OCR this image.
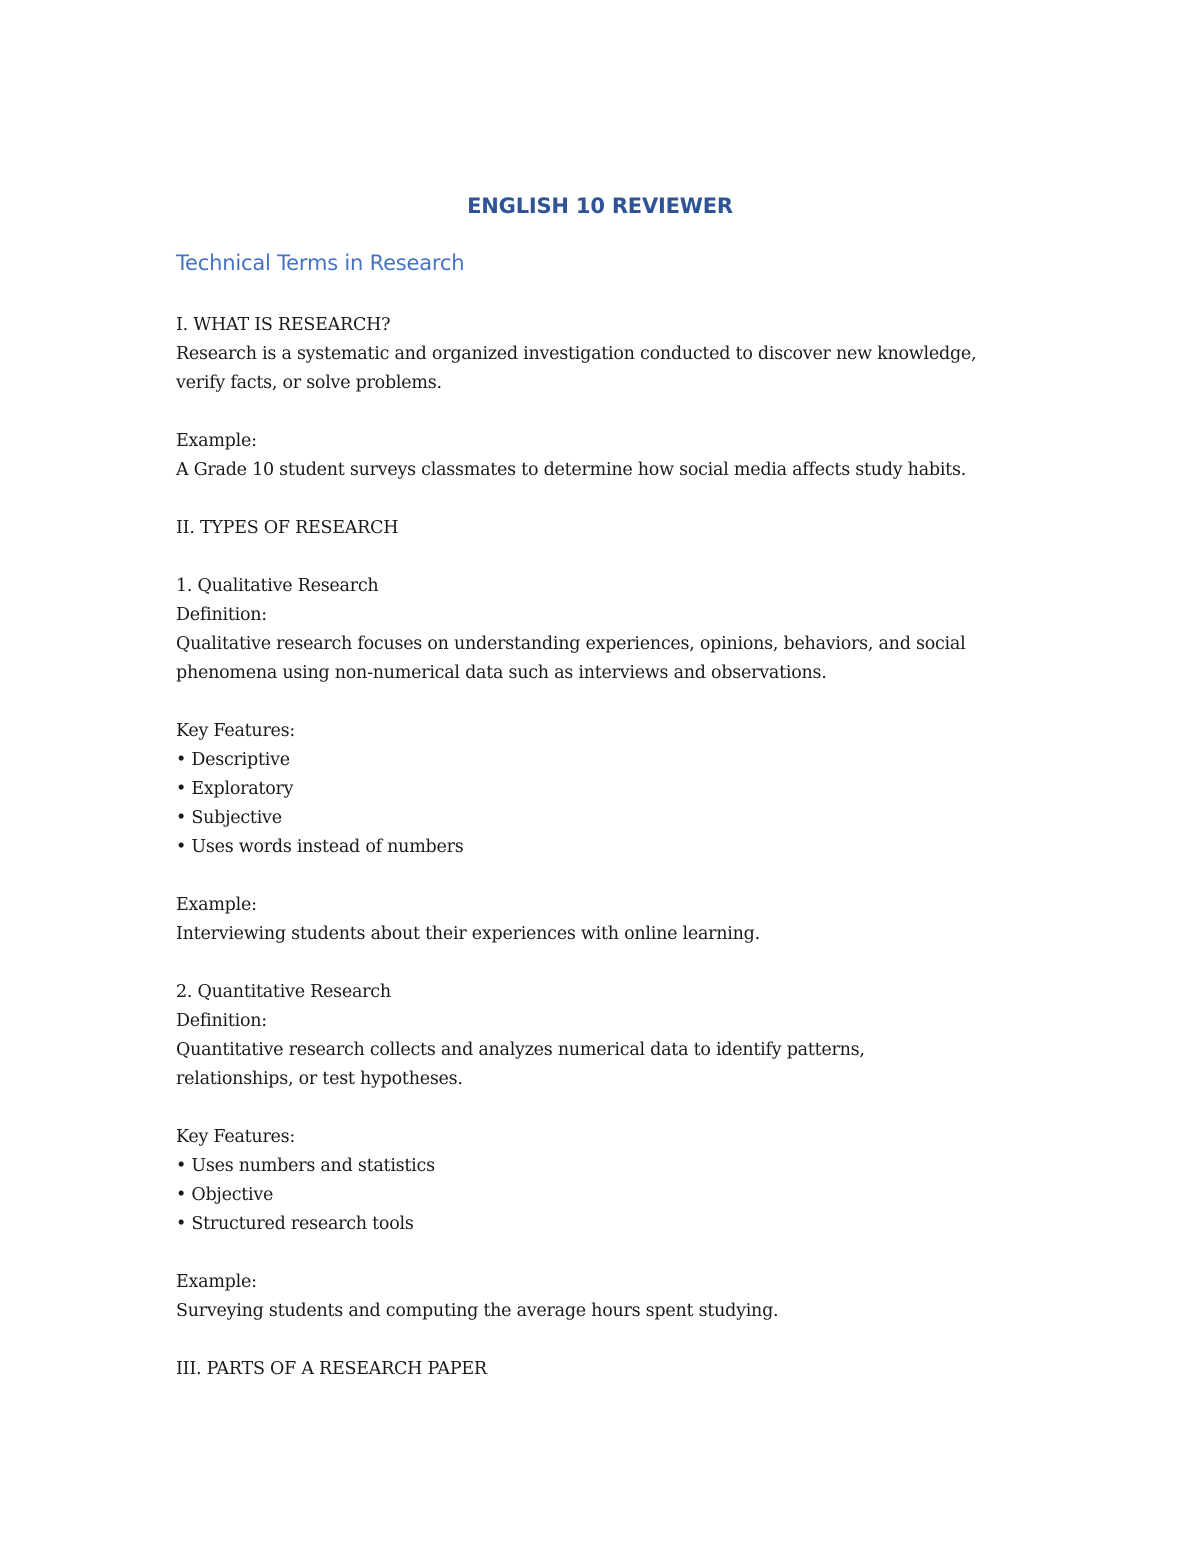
ENGLISH 10 REVIEWER
Technical Terms in Research
I. WHAT IS RESEARCH?
Research is a systematic and organized investigation conducted to discover new knowledge,
verify facts, or solve problems.
Example:
A Grade 10 student surveys classmates to determine how social media affects study habits.
II. TYPES OF RESEARCH
1. Qualitative Research
Definition:
Qualitative research focuses on understanding experiences, opinions, behaviors, and social
phenomena using non-numerical data such as interviews and observations.
Key Features:
• Descriptive
• Exploratory
• Subjective
• Uses words instead of numbers
Example:
Interviewing students about their experiences with online learning.
2. Quantitative Research
Definition:
Quantitative research collects and analyzes numerical data to identify patterns,
relationships, or test hypotheses.
Key Features:
• Uses numbers and statistics
• Objective
• Structured research tools
Example:
Surveying students and computing the average hours spent studying.
III. PARTS OF A RESEARCH PAPER
